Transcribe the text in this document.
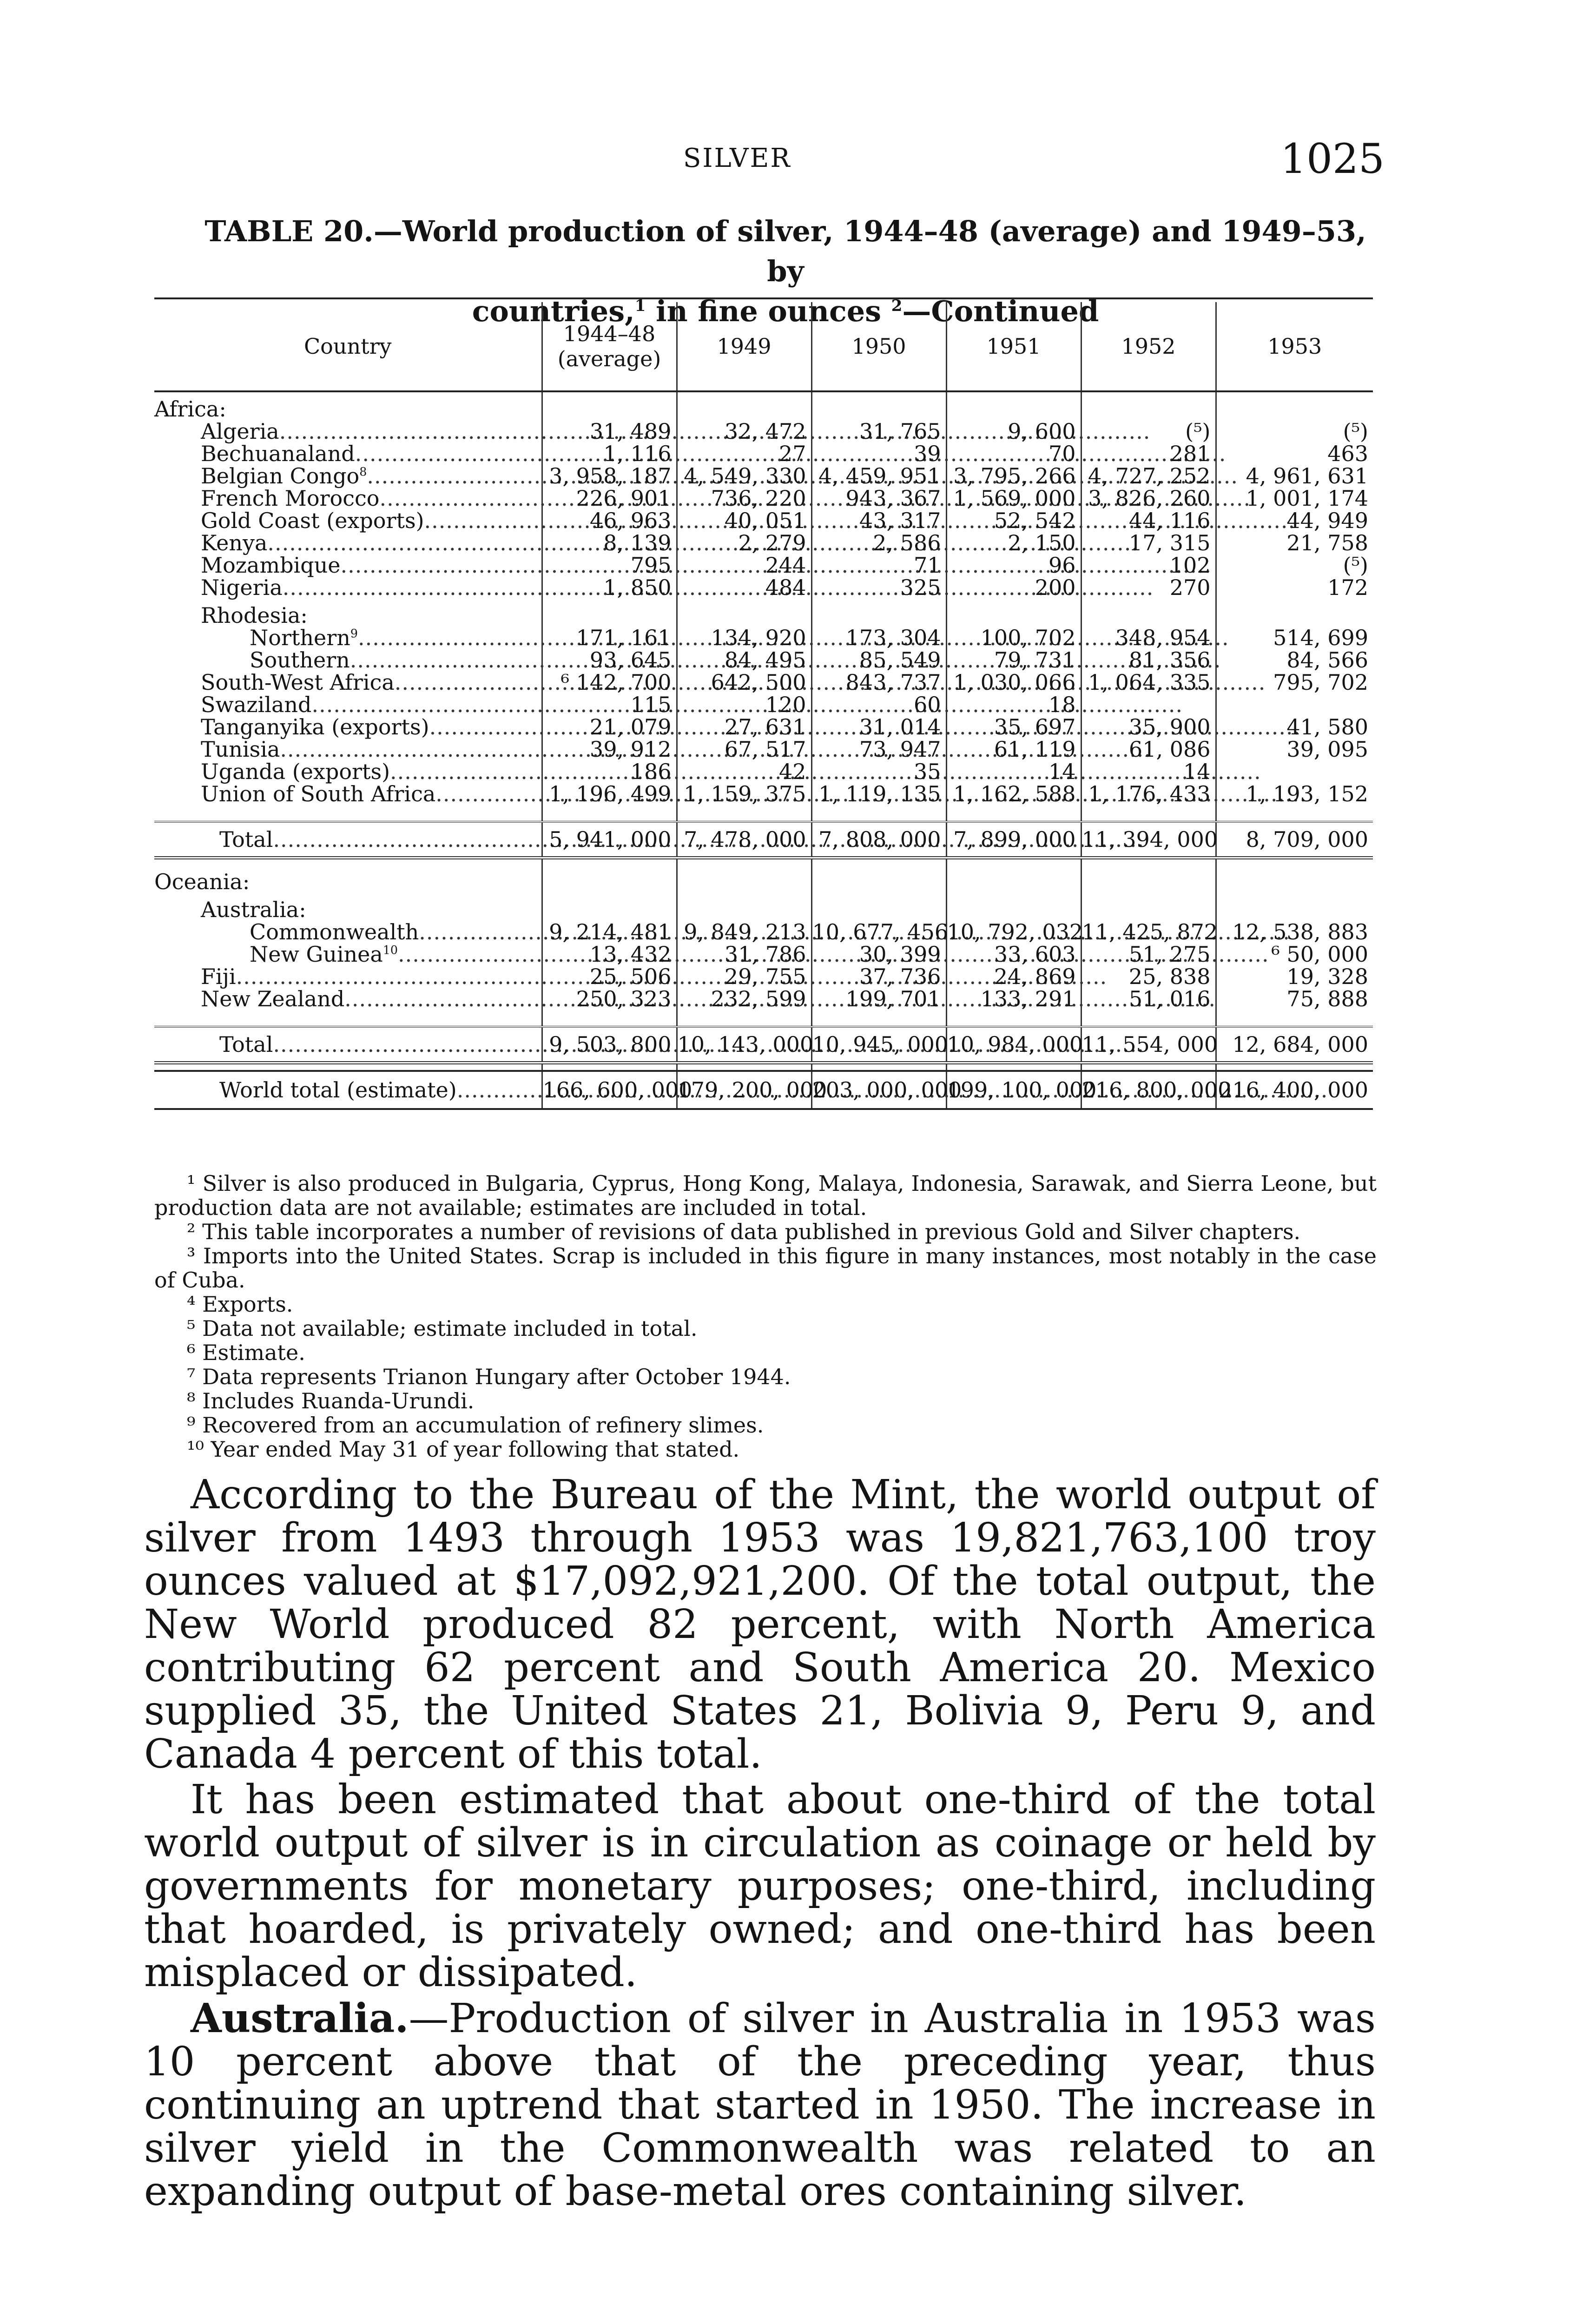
SILVER	1025
TABLE 20.—World production of silver, 1944–48 (average) and 1949–53, by
countries,$^1$ in fine ounces $^2$—Continued
Country	1944–48
(average)	1949	1950	1951	1952	1953
Africa:						

Algeria .....	31, 489	32, 472	31, 765	9, 600	(⁵)	(⁵)

Bechuanaland .....	1, 116	27	39	70	281	463

Belgian Congo$^8$ .....	3, 958, 187	4, 549, 330	4, 459, 951	3, 795, 266	4, 727, 252	4, 961, 631

French Morocco .....	226, 901	736, 220	943, 367	1, 569, 000	3, 826, 260	1, 001, 174

Gold Coast (exports) .....	46, 963	40, 051	43, 317	52, 542	44, 116	44, 949

Kenya .....	8, 139	2, 279	2, 586	2, 150	17, 315	21, 758

Mozambique .....	795	244	71	96	102	(⁵)

Nigeria .....	1, 850	484	325	200	270	172
Rhodesia:						

Northern$^9$ .....	171, 161	134, 920	173, 304	100, 702	348, 954	514, 699

Southern .....	93, 645	84, 495	85, 549	79, 731	81, 356	84, 566

South-West Africa .....	⁶ 142, 700	642, 500	843, 737	1, 030, 066	1, 064, 335	795, 702

Swaziland .....	115	120	60	18		

Tanganyika (exports) .....	21, 079	27, 631	31, 014	35, 697	35, 900	41, 580

Tunisia .....	39, 912	67, 517	73, 947	61, 119	61, 086	39, 095

Uganda (exports) .....	186	42	35	14	14	

Union of South Africa .....	1, 196, 499	1, 159, 375	1, 119, 135	1, 162, 588	1, 176, 433	1, 193, 152

Total .....	5, 941, 000	7, 478, 000	7, 808, 000	7, 899, 000	11, 394, 000	8, 709, 000

Oceania:						
Australia:						

Commonwealth .....	9, 214, 481	9, 849, 213	10, 677, 456	10, 792, 032	11, 425, 872	12, 538, 883

New Guinea$^{10}$ .....	13, 432	31, 786	30, 399	33, 603	51, 275	⁶ 50, 000

Fiji .....	25, 506	29, 755	37, 736	24, 869	25, 838	19, 328

New Zealand .....	250, 323	232, 599	199, 701	133, 291	51, 016	75, 888

Total .....	9, 503, 800	10, 143, 000	10, 945, 000	10, 984, 000	11, 554, 000	12, 684, 000

World total (estimate) .....	166, 600, 000	179, 200, 000	203, 000, 000	199, 100, 000	216, 800, 000	216, 400, 000

¹ Silver is also produced in Bulgaria, Cyprus, Hong Kong, Malaya, Indonesia, Sarawak, and Sierra Leone, but production data are not available; estimates are included in total.

² This table incorporates a number of revisions of data published in previous Gold and Silver chapters.

³ Imports into the United States. Scrap is included in this figure in many instances, most notably in the case of Cuba.

⁴ Exports.

⁵ Data not available; estimate included in total.

⁶ Estimate.

⁷ Data represents Trianon Hungary after October 1944.

⁸ Includes Ruanda-Urundi.

⁹ Recovered from an accumulation of refinery slimes.

¹⁰ Year ended May 31 of year following that stated.

According to the Bureau of the Mint, the world output of silver from 1493 through 1953 was 19,821,763,100 troy ounces valued at $17,092,921,200. Of the total output, the New World produced 82 percent, with North America contributing 62 percent and South America 20. Mexico supplied 35, the United States 21, Bolivia 9, Peru 9, and Canada 4 percent of this total.

It has been estimated that about one-third of the total world output of silver is in circulation as coinage or held by governments for monetary purposes; one-third, including that hoarded, is privately owned; and one-third has been misplaced or dissipated.

Australia.—Production of silver in Australia in 1953 was 10 percent above that of the preceding year, thus continuing an uptrend that started in 1950. The increase in silver yield in the Commonwealth was related to an expanding output of base-metal ores containing silver.
